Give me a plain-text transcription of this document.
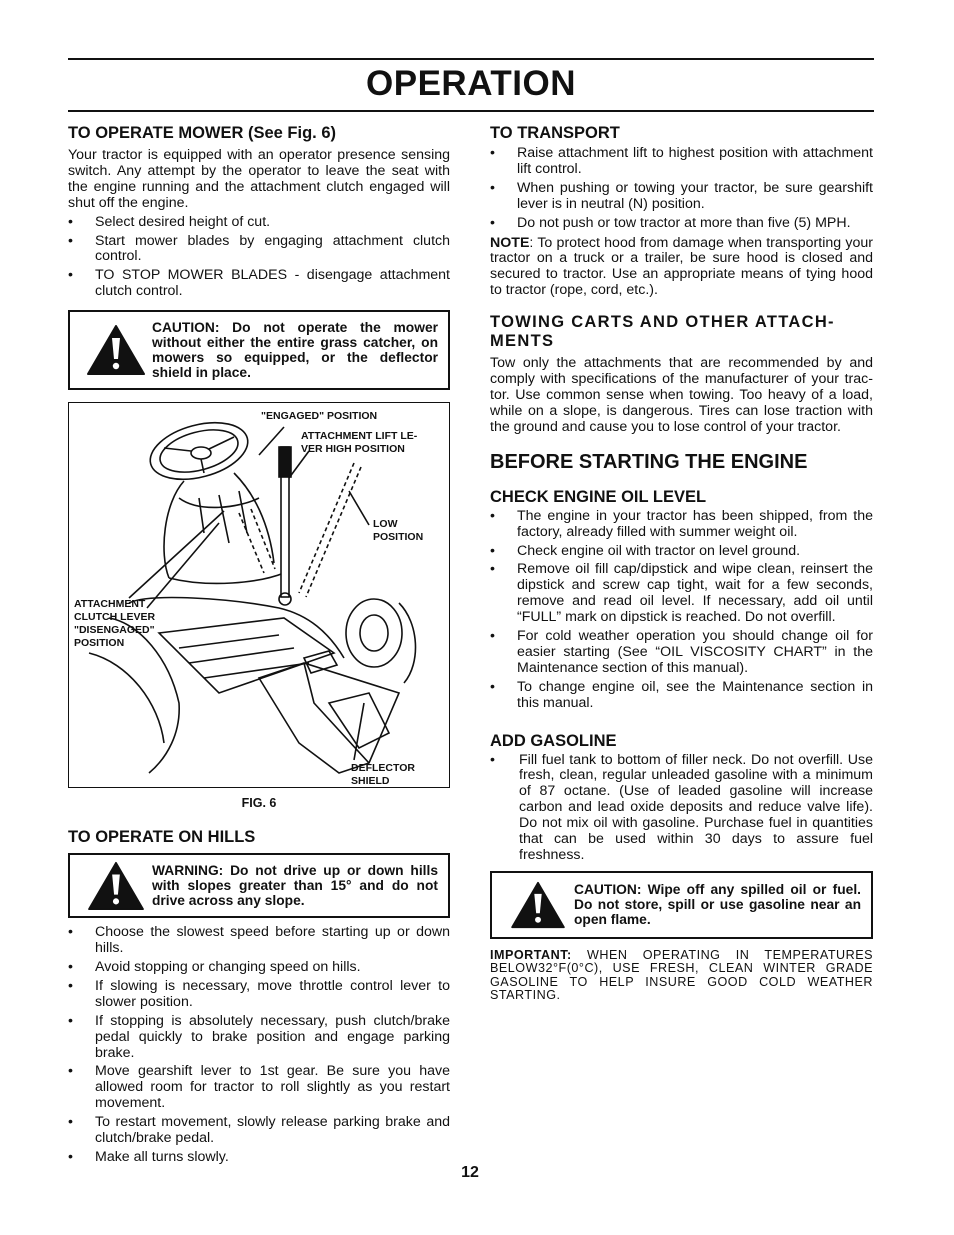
OPERATION
TO OPERATE MOWER (See Fig. 6)

Your tractor is equipped with an operator presence sensing switch. Any attempt by the operator to leave the seat with the engine running and the attachment clutch engaged will shut off the engine.

• Select desired height of cut.
• Start mower blades by engaging attachment clutch control.
• TO STOP MOWER BLADES - disengage attachment clutch control.
CAUTION: Do not operate the mower without either the entire grass catcher, on mowers so equipped, or the deflector shield in place.
"ENGAGED" POSITION
ATTACHMENT LIFT LE-
VER HIGH POSITION
LOW
POSITION
ATTACHMENT
CLUTCH LEVER
"DISENGAGED"
POSITION
DEFLECTOR
SHIELD
FIG. 6
TO OPERATE ON HILLS
WARNING: Do not drive up or down hills with slopes greater than 15° and do not drive across any slope.
• Choose the slowest speed before starting up or down hills.
• Avoid stopping or changing speed on hills.
• If slowing is necessary, move throttle control lever to slower position.
• If stopping is absolutely necessary, push clutch/brake pedal quickly to brake position and engage parking brake.
• Move gearshift lever to 1st gear. Be sure you have allowed room for tractor to roll slightly as you restart movement.
• To restart movement, slowly release parking brake and clutch/brake pedal.
• Make all turns slowly.
TO TRANSPORT
• Raise attachment lift to highest position with attachment lift control.
• When pushing or towing your tractor, be sure gearshift lever is in neutral (N) position.
• Do not push or tow tractor at more than five (5) MPH.

NOTE: To protect hood from damage when transporting your tractor on a truck or a trailer, be sure hood is closed and secured to tractor. Use an appropriate means of tying hood to tractor (rope, cord, etc.).

TOWING CARTS AND OTHER ATTACH-MENTS

Tow only the attachments that are recommended by and comply with specifications of the manufacturer of your trac-tor. Use common sense when towing. Too heavy of a load, while on a slope, is dangerous. Tires can lose traction with the ground and cause you to lose control of your tractor.

BEFORE STARTING THE ENGINE
CHECK ENGINE OIL LEVEL
• The engine in your tractor has been shipped, from the factory, already filled with summer weight oil.
• Check engine oil with tractor on level ground.
• Remove oil fill cap/dipstick and wipe clean, reinsert the dipstick and screw cap tight, wait for a few seconds, remove and read oil level. If necessary, add oil until “FULL” mark on dipstick is reached. Do not overfill.
• For cold weather operation you should change oil for easier starting (See “OIL VISCOSITY CHART” in the Maintenance section of this manual).
• To change engine oil, see the Maintenance section in this manual.
ADD GASOLINE
• Fill fuel tank to bottom of filler neck. Do not overfill. Use fresh, clean, regular unleaded gasoline with a minimum of 87 octane. (Use of leaded gasoline will increase carbon and lead oxide deposits and reduce valve life). Do not mix oil with gasoline. Purchase fuel in quantities that can be used within 30 days to assure fuel freshness.
CAUTION: Wipe off any spilled oil or fuel. Do not store, spill or use gasoline near an open flame.
IMPORTANT: WHEN OPERATING IN TEMPERATURES BELOW32°F(0°C), USE FRESH, CLEAN WINTER GRADE GASOLINE TO HELP INSURE GOOD COLD WEATHER STARTING.
12
